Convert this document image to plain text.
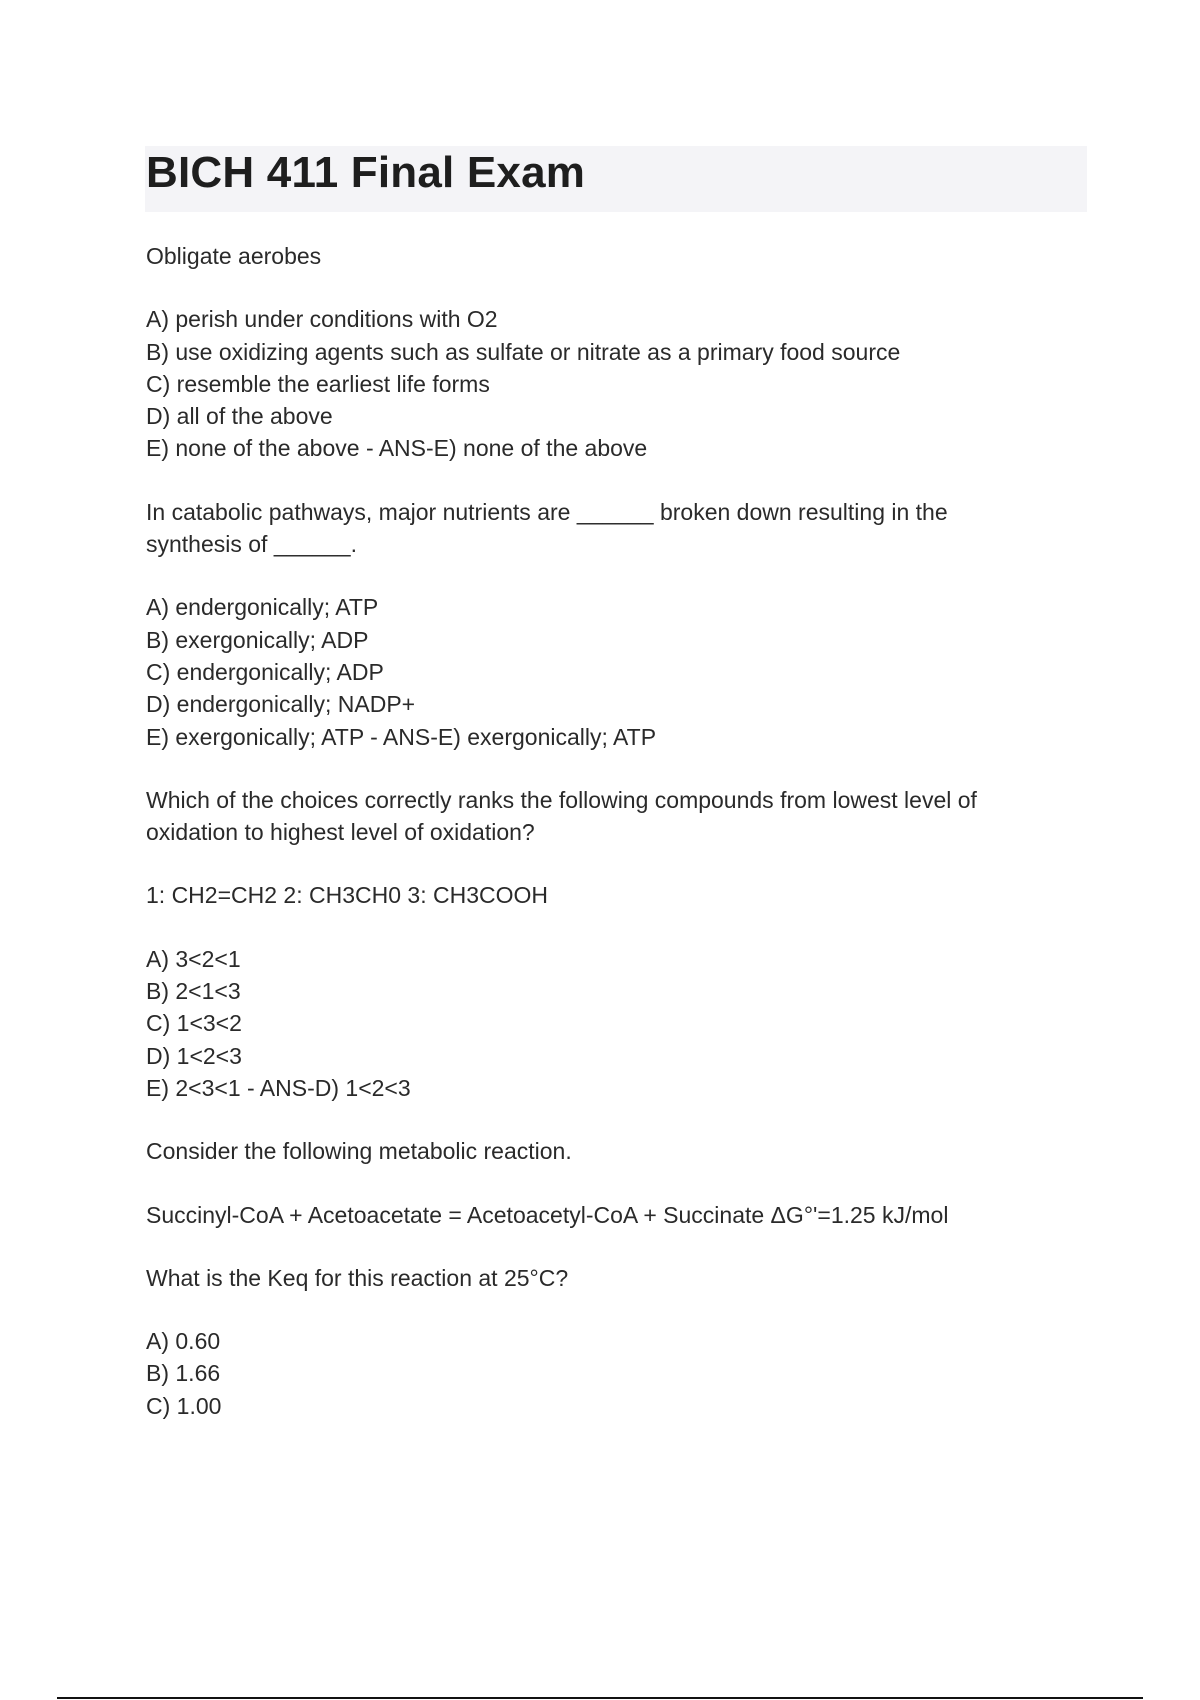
BICH 411 Final Exam

Obligate aerobes

A) perish under conditions with O2
B) use oxidizing agents such as sulfate or nitrate as a primary food source
C) resemble the earliest life forms
D) all of the above
E) none of the above - ANS-E) none of the above

In catabolic pathways, major nutrients are ______ broken down resulting in the

synthesis of ______.

A) endergonically; ATP
B) exergonically; ADP
C) endergonically; ADP
D) endergonically; NADP+
E) exergonically; ATP - ANS-E) exergonically; ATP

Which of the choices correctly ranks the following compounds from lowest level of

oxidation to highest level of oxidation?

1: CH2=CH2 2: CH3CH0 3: CH3COOH

A) 3<2<1
B) 2<1<3
C) 1<3<2
D) 1<2<3
E) 2<3<1 - ANS-D) 1<2<3

Consider the following metabolic reaction.

Succinyl-CoA + Acetoacetate = Acetoacetyl-CoA + Succinate ΔG°'=1.25 kJ/mol

What is the Keq for this reaction at 25°C?

A) 0.60
B) 1.66
C) 1.00
